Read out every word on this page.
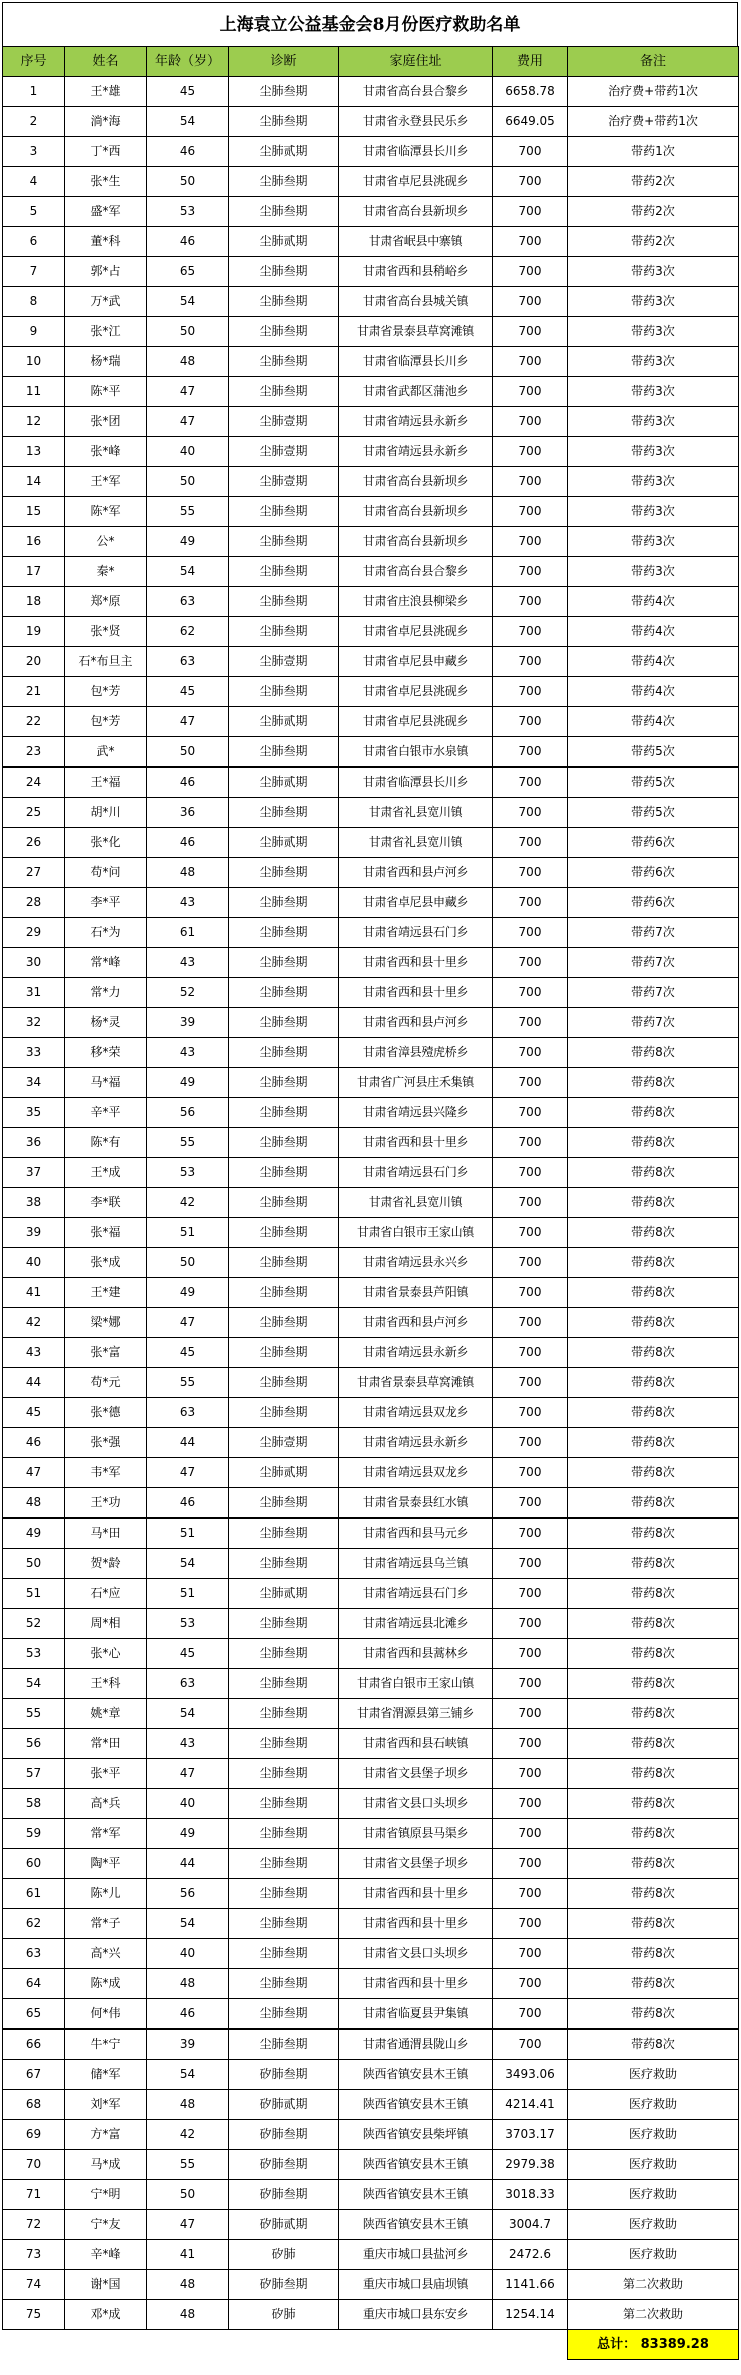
上海袁立公益基金会8月份医疗救助名单
序号	姓名	年龄（岁）	诊断	家庭住址	费用	备注
1	王*雄	45	尘肺叁期	甘肃省高台县合黎乡	6658.78	治疗费+带药1次
2	淌*海	54	尘肺叁期	甘肃省永登县民乐乡	6649.05	治疗费+带药1次
3	丁*西	46	尘肺贰期	甘肃省临潭县长川乡	700	带药1次
4	张*生	50	尘肺叁期	甘肃省卓尼县洮砚乡	700	带药2次
5	盛*军	53	尘肺叁期	甘肃省高台县新坝乡	700	带药2次
6	董*科	46	尘肺贰期	甘肃省岷县中寨镇	700	带药2次
7	郭*占	65	尘肺叁期	甘肃省西和县稍峪乡	700	带药3次
8	万*武	54	尘肺叁期	甘肃省高台县城关镇	700	带药3次
9	张*江	50	尘肺叁期	甘肃省景泰县草窝滩镇	700	带药3次
10	杨*瑞	48	尘肺叁期	甘肃省临潭县长川乡	700	带药3次
11	陈*平	47	尘肺叁期	甘肃省武都区蒲池乡	700	带药3次
12	张*团	47	尘肺壹期	甘肃省靖远县永新乡	700	带药3次
13	张*峰	40	尘肺壹期	甘肃省靖远县永新乡	700	带药3次
14	王*军	50	尘肺壹期	甘肃省高台县新坝乡	700	带药3次
15	陈*军	55	尘肺叁期	甘肃省高台县新坝乡	700	带药3次
16	公*	49	尘肺叁期	甘肃省高台县新坝乡	700	带药3次
17	秦*	54	尘肺叁期	甘肃省高台县合黎乡	700	带药3次
18	郑*原	63	尘肺叁期	甘肃省庄浪县柳梁乡	700	带药4次
19	张*贤	62	尘肺叁期	甘肃省卓尼县洮砚乡	700	带药4次
20	石*布旦主	63	尘肺壹期	甘肃省卓尼县申藏乡	700	带药4次
21	包*芳	45	尘肺叁期	甘肃省卓尼县洮砚乡	700	带药4次
22	包*芳	47	尘肺贰期	甘肃省卓尼县洮砚乡	700	带药4次
23	武*	50	尘肺叁期	甘肃省白银市水泉镇	700	带药5次
24	王*福	46	尘肺贰期	甘肃省临潭县长川乡	700	带药5次
25	胡*川	36	尘肺叁期	甘肃省礼县宽川镇	700	带药5次
26	张*化	46	尘肺贰期	甘肃省礼县宽川镇	700	带药6次
27	苟*问	48	尘肺叁期	甘肃省西和县卢河乡	700	带药6次
28	李*平	43	尘肺叁期	甘肃省卓尼县申藏乡	700	带药6次
29	石*为	61	尘肺叁期	甘肃省靖远县石门乡	700	带药7次
30	常*峰	43	尘肺叁期	甘肃省西和县十里乡	700	带药7次
31	常*力	52	尘肺叁期	甘肃省西和县十里乡	700	带药7次
32	杨*灵	39	尘肺叁期	甘肃省西和县卢河乡	700	带药7次
33	移*荣	43	尘肺叁期	甘肃省漳县殪虎桥乡	700	带药8次
34	马*福	49	尘肺叁期	甘肃省广河县庄禾集镇	700	带药8次
35	辛*平	56	尘肺叁期	甘肃省靖远县兴隆乡	700	带药8次
36	陈*有	55	尘肺叁期	甘肃省西和县十里乡	700	带药8次
37	王*成	53	尘肺叁期	甘肃省靖远县石门乡	700	带药8次
38	李*联	42	尘肺叁期	甘肃省礼县宽川镇	700	带药8次
39	张*福	51	尘肺叁期	甘肃省白银市王家山镇	700	带药8次
40	张*成	50	尘肺叁期	甘肃省靖远县永兴乡	700	带药8次
41	王*建	49	尘肺叁期	甘肃省景泰县芦阳镇	700	带药8次
42	梁*娜	47	尘肺叁期	甘肃省西和县卢河乡	700	带药8次
43	张*富	45	尘肺叁期	甘肃省靖远县永新乡	700	带药8次
44	苟*元	55	尘肺叁期	甘肃省景泰县草窝滩镇	700	带药8次
45	张*德	63	尘肺叁期	甘肃省靖远县双龙乡	700	带药8次
46	张*强	44	尘肺壹期	甘肃省靖远县永新乡	700	带药8次
47	韦*军	47	尘肺贰期	甘肃省靖远县双龙乡	700	带药8次
48	王*功	46	尘肺叁期	甘肃省景泰县红水镇	700	带药8次
49	马*田	51	尘肺叁期	甘肃省西和县马元乡	700	带药8次
50	贺*龄	54	尘肺叁期	甘肃省靖远县乌兰镇	700	带药8次
51	石*应	51	尘肺贰期	甘肃省靖远县石门乡	700	带药8次
52	周*相	53	尘肺叁期	甘肃省靖远县北滩乡	700	带药8次
53	张*心	45	尘肺叁期	甘肃省西和县蒿林乡	700	带药8次
54	王*科	63	尘肺叁期	甘肃省白银市王家山镇	700	带药8次
55	姚*章	54	尘肺叁期	甘肃省渭源县第三铺乡	700	带药8次
56	常*田	43	尘肺叁期	甘肃省西和县石峡镇	700	带药8次
57	张*平	47	尘肺叁期	甘肃省文县堡子坝乡	700	带药8次
58	高*兵	40	尘肺叁期	甘肃省文县口头坝乡	700	带药8次
59	常*军	49	尘肺叁期	甘肃省镇原县马渠乡	700	带药8次
60	陶*平	44	尘肺叁期	甘肃省文县堡子坝乡	700	带药8次
61	陈*儿	56	尘肺叁期	甘肃省西和县十里乡	700	带药8次
62	常*子	54	尘肺叁期	甘肃省西和县十里乡	700	带药8次
63	高*兴	40	尘肺叁期	甘肃省文县口头坝乡	700	带药8次
64	陈*成	48	尘肺叁期	甘肃省西和县十里乡	700	带药8次
65	何*伟	46	尘肺叁期	甘肃省临夏县尹集镇	700	带药8次
66	牛*宁	39	尘肺叁期	甘肃省通渭县陇山乡	700	带药8次
67	储*军	54	矽肺叁期	陕西省镇安县木王镇	3493.06	医疗救助
68	刘*军	48	矽肺贰期	陕西省镇安县木王镇	4214.41	医疗救助
69	方*富	42	矽肺叁期	陕西省镇安县柴坪镇	3703.17	医疗救助
70	马*成	55	矽肺叁期	陕西省镇安县木王镇	2979.38	医疗救助
71	宁*明	50	矽肺叁期	陕西省镇安县木王镇	3018.33	医疗救助
72	宁*友	47	矽肺贰期	陕西省镇安县木王镇	3004.7	医疗救助
73	辛*峰	41	矽肺	重庆市城口县盐河乡	2472.6	医疗救助
74	谢*国	48	矽肺叁期	重庆市城口县庙坝镇	1141.66	第二次救助
75	邓*成	48	矽肺	重庆市城口县东安乡	1254.14	第二次救助
						总计： 83389.28
